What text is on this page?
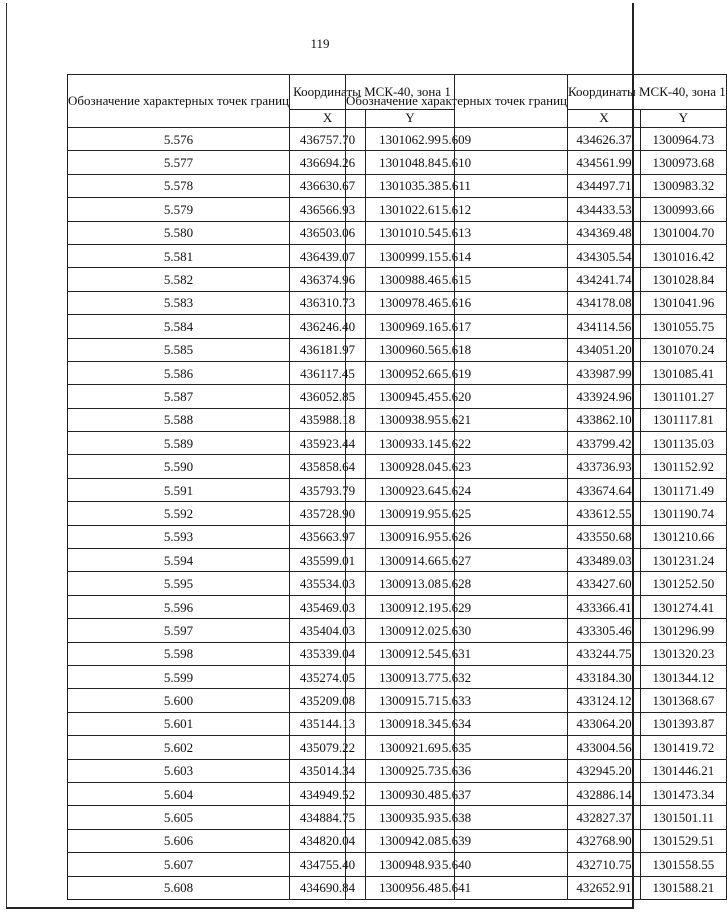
119
Обозначение характерных точек границ	Координаты МСК-40, зона 1	
	X	Y
5.576	436757.70	1301062.99
5.577	436694.26	1301048.84
5.578	436630.67	1301035.38
5.579	436566.93	1301022.61
5.580	436503.06	1301010.54
5.581	436439.07	1300999.15
5.582	436374.96	1300988.46
5.583	436310.73	1300978.46
5.584	436246.40	1300969.16
5.585	436181.97	1300960.56
5.586	436117.45	1300952.66
5.587	436052.85	1300945.45
5.588	435988.18	1300938.95
5.589	435923.44	1300933.14
5.590	435858.64	1300928.04
5.591	435793.79	1300923.64
5.592	435728.90	1300919.95
5.593	435663.97	1300916.95
5.594	435599.01	1300914.66
5.595	435534.03	1300913.08
5.596	435469.03	1300912.19
5.597	435404.03	1300912.02
5.598	435339.04	1300912.54
5.599	435274.05	1300913.77
5.600	435209.08	1300915.71
5.601	435144.13	1300918.34
5.602	435079.22	1300921.69
5.603	435014.34	1300925.73
5.604	434949.52	1300930.48
5.605	434884.75	1300935.93
5.606	434820.04	1300942.08
5.607	434755.40	1300948.93
5.608	434690.84	1300956.48
Обозначение характерных точек границ	Координаты МСК-40, зона 1	
	X	Y
5.609	434626.37	1300964.73
5.610	434561.99	1300973.68
5.611	434497.71	1300983.32
5.612	434433.53	1300993.66
5.613	434369.48	1301004.70
5.614	434305.54	1301016.42
5.615	434241.74	1301028.84
5.616	434178.08	1301041.96
5.617	434114.56	1301055.75
5.618	434051.20	1301070.24
5.619	433987.99	1301085.41
5.620	433924.96	1301101.27
5.621	433862.10	1301117.81
5.622	433799.42	1301135.03
5.623	433736.93	1301152.92
5.624	433674.64	1301171.49
5.625	433612.55	1301190.74
5.626	433550.68	1301210.66
5.627	433489.03	1301231.24
5.628	433427.60	1301252.50
5.629	433366.41	1301274.41
5.630	433305.46	1301296.99
5.631	433244.75	1301320.23
5.632	433184.30	1301344.12
5.633	433124.12	1301368.67
5.634	433064.20	1301393.87
5.635	433004.56	1301419.72
5.636	432945.20	1301446.21
5.637	432886.14	1301473.34
5.638	432827.37	1301501.11
5.639	432768.90	1301529.51
5.640	432710.75	1301558.55
5.641	432652.91	1301588.21
